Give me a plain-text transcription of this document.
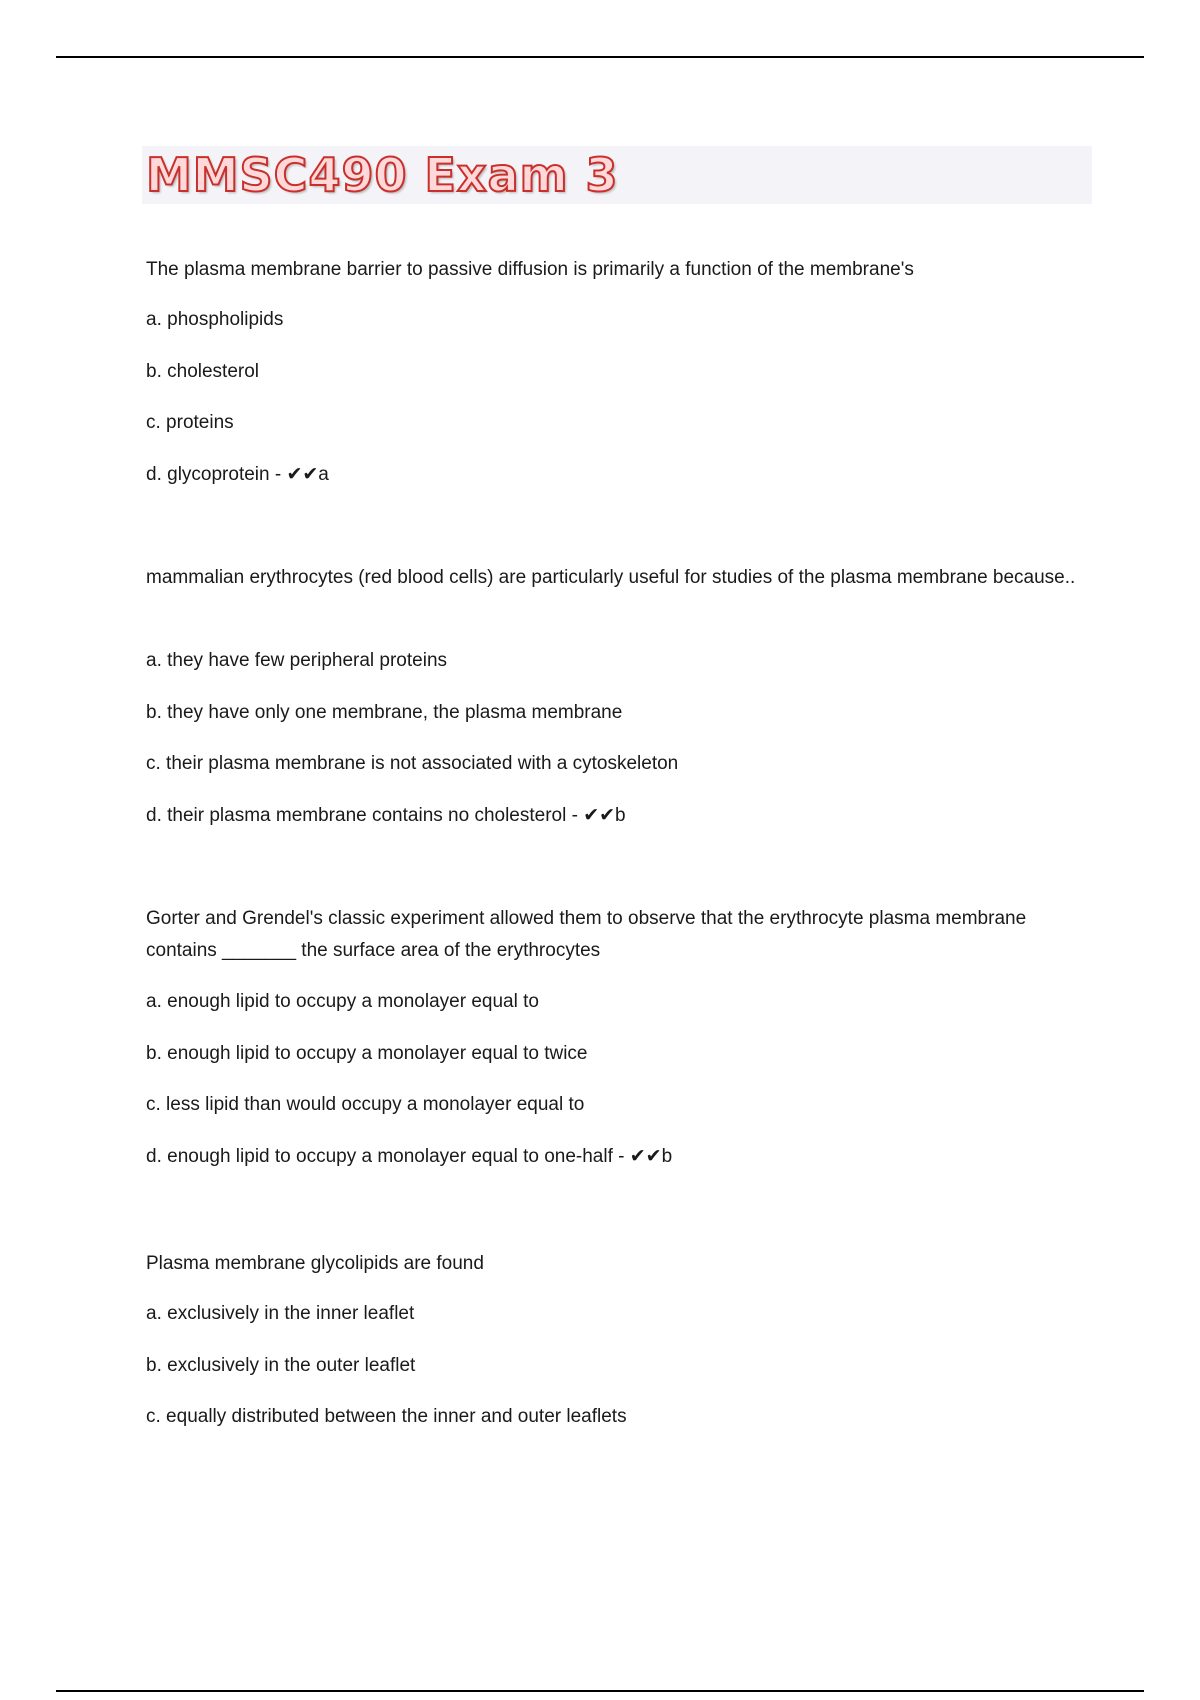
MMSC490 Exam 3

The plasma membrane barrier to passive diffusion is primarily a function of the membrane's

a. phospholipids

b. cholesterol

c. proteins

d. glycoprotein - ✔✔a

mammalian erythrocytes (red blood cells) are particularly useful for studies of the plasma membrane because..

a. they have few peripheral proteins

b. they have only one membrane, the plasma membrane

c. their plasma membrane is not associated with a cytoskeleton

d. their plasma membrane contains no cholesterol - ✔✔b

Gorter and Grendel's classic experiment allowed them to observe that the erythrocyte plasma membrane contains _______ the surface area of the erythrocytes

a. enough lipid to occupy a monolayer equal to

b. enough lipid to occupy a monolayer equal to twice

c. less lipid than would occupy a monolayer equal to

d. enough lipid to occupy a monolayer equal to one-half - ✔✔b

Plasma membrane glycolipids are found

a. exclusively in the inner leaflet

b. exclusively in the outer leaflet

c. equally distributed between the inner and outer leaflets
